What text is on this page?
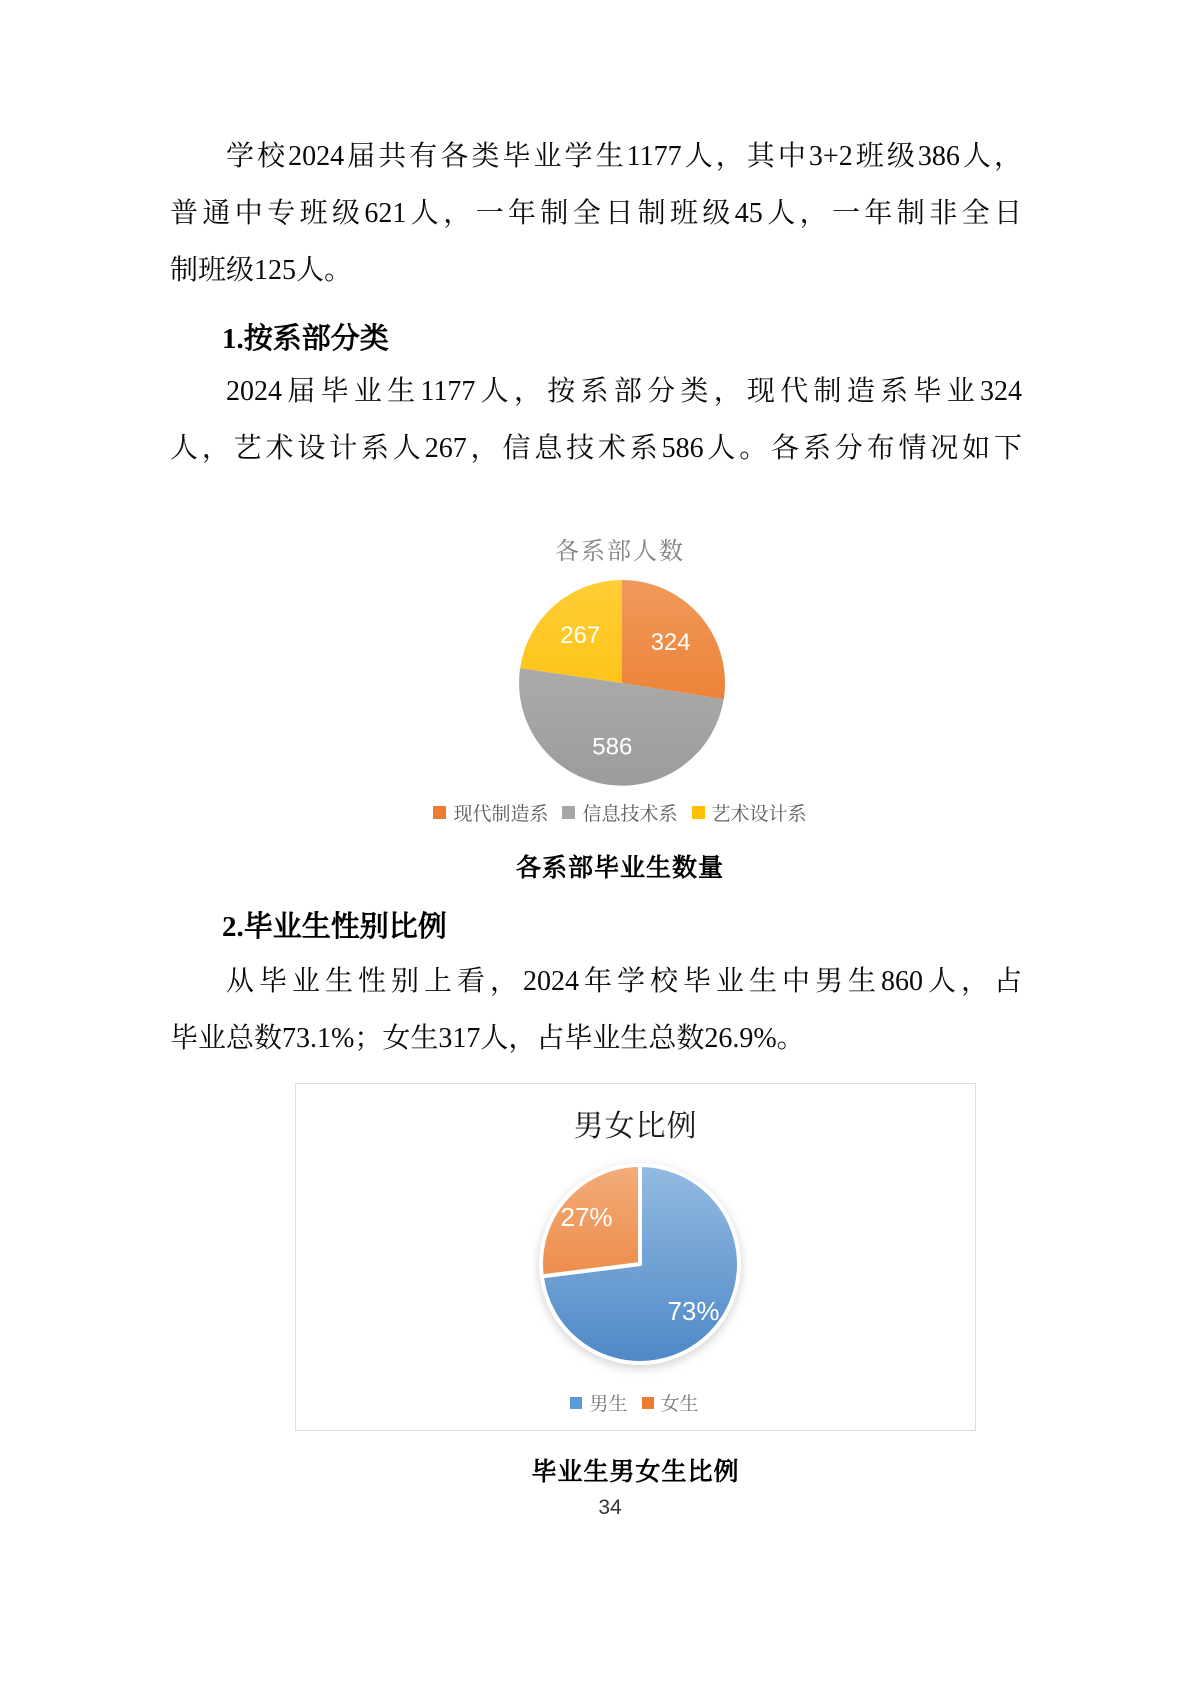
学校2024届共有各类毕业学生1177人，其中3+2班级386人，
普通中专班级621人，一年制全日制班级45人，一年制非全日
制班级125人。
1.按系部分类
2024届毕业生1177人，按系部分类，现代制造系毕业324
人，艺术设计系人267，信息技术系586人。各系分布情况如下
各系部人数
324
586
267
现代制造系 信息技术系 艺术设计系
各系部毕业生数量
2.毕业生性别比例
从毕业生性别上看，2024年学校毕业生中男生860人，占
毕业总数73.1%；女生317人，占毕业生总数26.9%。
男女比例
73%
27%
男生 女生
毕业生男女生比例
34
